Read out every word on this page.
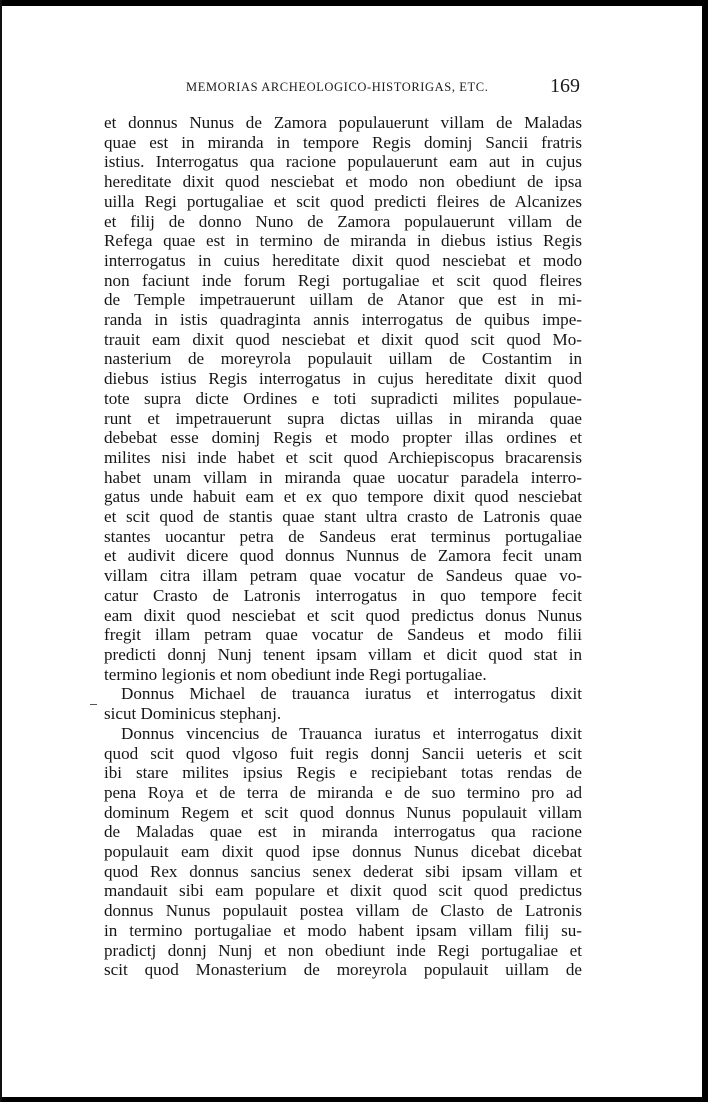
MEMORIAS ARCHEOLOGICO-HISTORIGAS, ETC.	169

et donnus Nunus de Zamora populauerunt villam de Maladas

quae est in miranda in tempore Regis dominj Sancii fratris

istius. Interrogatus qua racione populauerunt eam aut in cujus

hereditate dixit quod nesciebat et modo non obediunt de ipsa

uilla Regi portugaliae et scit quod predicti fleires de Alcanizes

et filij de donno Nuno de Zamora populauerunt villam de

Refega quae est in termino de miranda in diebus istius Regis

interrogatus in cuius hereditate dixit quod nesciebat et modo

non faciunt inde forum Regi portugaliae et scit quod fleires

de Temple impetrauerunt uillam de Atanor que est in mi-

randa in istis quadraginta annis interrogatus de quibus impe-

trauit eam dixit quod nesciebat et dixit quod scit quod Mo-

nasterium de moreyrola populauit uillam de Costantim in

diebus istius Regis interrogatus in cujus hereditate dixit quod

tote supra dicte Ordines e toti supradicti milites populaue-

runt et impetrauerunt supra dictas uillas in miranda quae

debebat esse dominj Regis et modo propter illas ordines et

milites nisi inde habet et scit quod Archiepiscopus bracarensis

habet unam villam in miranda quae uocatur paradela interro-

gatus unde habuit eam et ex quo tempore dixit quod nesciebat

et scit quod de stantis quae stant ultra crasto de Latronis quae

stantes uocantur petra de Sandeus erat terminus portugaliae

et audivit dicere quod donnus Nunnus de Zamora fecit unam

villam citra illam petram quae vocatur de Sandeus quae vo-

catur Crasto de Latronis interrogatus in quo tempore fecit

eam dixit quod nesciebat et scit quod predictus donus Nunus

fregit illam petram quae vocatur de Sandeus et modo filii

predicti donnj Nunj tenent ipsam villam et dicit quod stat in

termino legionis et nom obediunt inde Regi portugaliae.

Donnus Michael de trauanca iuratus et interrogatus dixit

sicut Dominicus stephanj.

Donnus vincencius de Trauanca iuratus et interrogatus dixit

quod scit quod vlgoso fuit regis donnj Sancii ueteris et scit

ibi stare milites ipsius Regis e recipiebant totas rendas de

pena Roya et de terra de miranda e de suo termino pro ad

dominum Regem et scit quod donnus Nunus populauit villam

de Maladas quae est in miranda interrogatus qua racione

populauit eam dixit quod ipse donnus Nunus dicebat dicebat

quod Rex donnus sancius senex dederat sibi ipsam villam et

mandauit sibi eam populare et dixit quod scit quod predictus

donnus Nunus populauit postea villam de Clasto de Latronis

in termino portugaliae et modo habent ipsam villam filij su-

pradictj donnj Nunj et non obediunt inde Regi portugaliae et

scit quod Monasterium de moreyrola populauit uillam de
